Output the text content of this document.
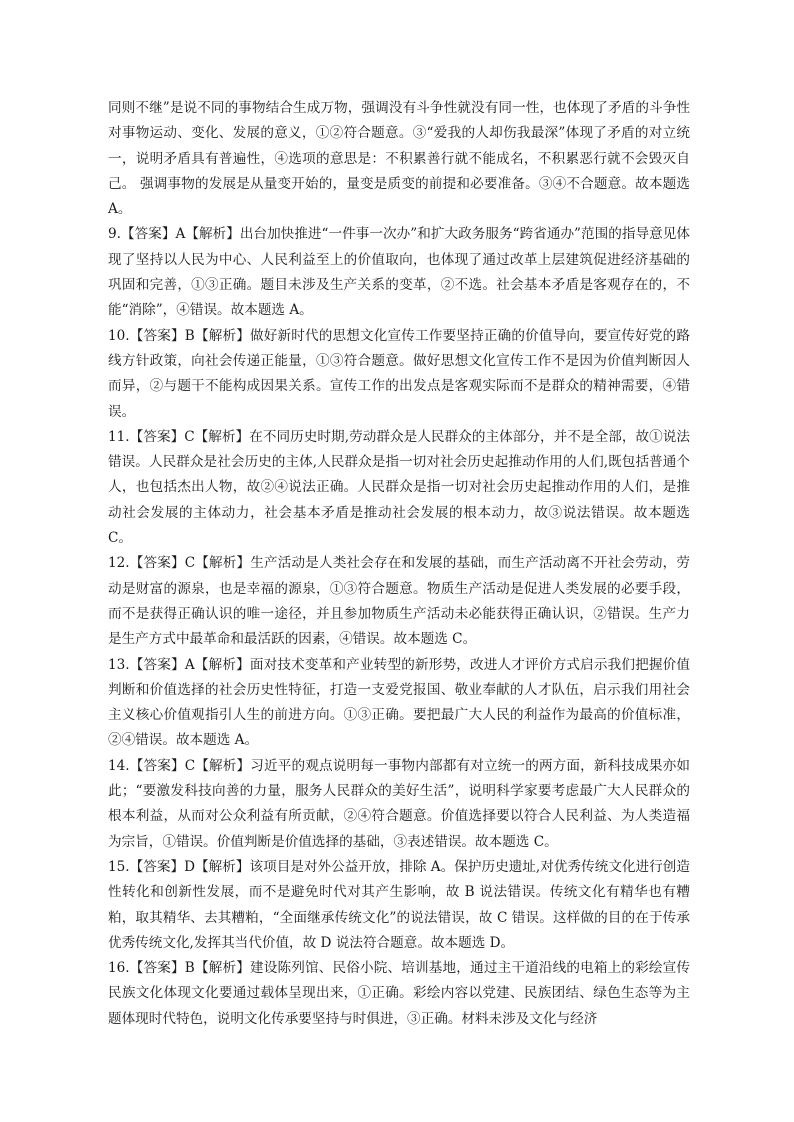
同则不继”是说不同的事物结合生成万物，强调没有斗争性就没有同一性，也体现了矛盾的斗争性对事物运动、变化、发展的意义，①②符合题意。③“爱我的人却伤我最深”体现了矛盾的对立统一，说明矛盾具有普遍性，④选项的意思是：不积累善行就不能成名，不积累恶行就不会毁灭自己。 强调事物的发展是从量变开始的，量变是质变的前提和必要准备。③④不合题意。故本题选 A。

9.【答案】A【解析】出台加快推进“一件事一次办”和扩大政务服务“跨省通办”范围的指导意见体现了坚持以人民为中心、人民利益至上的价值取向，也体现了通过改革上层建筑促进经济基础的巩固和完善，①③正确。题目未涉及生产关系的变革，②不选。社会基本矛盾是客观存在的，不能“消除”，④错误。故本题选 A。

10.【答案】B【解析】做好新时代的思想文化宣传工作要坚持正确的价值导向，要宣传好党的路线方针政策，向社会传递正能量，①③符合题意。做好思想文化宣传工作不是因为价值判断因人而异，②与题干不能构成因果关系。宣传工作的出发点是客观实际而不是群众的精神需要，④错误。

11.【答案】C【解析】在不同历史时期,劳动群众是人民群众的主体部分，并不是全部，故①说法错误。人民群众是社会历史的主体,人民群众是指一切对社会历史起推动作用的人们,既包括普通个人，也包括杰出人物，故②④说法正确。人民群众是指一切对社会历史起推动作用的人们，是推动社会发展的主体动力，社会基本矛盾是推动社会发展的根本动力，故③说法错误。故本题选 C。

12.【答案】C【解析】生产活动是人类社会存在和发展的基础，而生产活动离不开社会劳动，劳动是财富的源泉，也是幸福的源泉，①③符合题意。物质生产活动是促进人类发展的必要手段，而不是获得正确认识的唯一途径，并且参加物质生产活动未必能获得正确认识，②错误。生产力是生产方式中最革命和最活跃的因素，④错误。故本题选 C。

13.【答案】A【解析】面对技术变革和产业转型的新形势，改进人才评价方式启示我们把握价值判断和价值选择的社会历史性特征，打造一支爱党报国、敬业奉献的人才队伍，启示我们用社会主义核心价值观指引人生的前进方向。①③正确。要把最广大人民的利益作为最高的价值标准，②④错误。故本题选 A。

14.【答案】C【解析】习近平的观点说明每一事物内部都有对立统一的两方面，新科技成果亦如此；“要激发科技向善的力量，服务人民群众的美好生活”，说明科学家要考虑最广大人民群众的根本利益，从而对公众利益有所贡献，②④符合题意。价值选择要以符合人民利益、为人类造福为宗旨，①错误。价值判断是价值选择的基础，③表述错误。故本题选 C。

15.【答案】D【解析】该项目是对外公益开放，排除 A。保护历史遗址,对优秀传统文化进行创造性转化和创新性发展，而不是避免时代对其产生影响，故 B 说法错误。传统文化有精华也有糟粕，取其精华、去其糟粕，“全面继承传统文化”的说法错误，故 C 错误。这样做的目的在于传承优秀传统文化,发挥其当代价值，故 D 说法符合题意。故本题选 D。

16.【答案】B【解析】建设陈列馆、民俗小院、培训基地，通过主干道沿线的电箱上的彩绘宣传民族文化体现文化要通过载体呈现出来，①正确。彩绘内容以党建、民族团结、绿色生态等为主题体现时代特色，说明文化传承要坚持与时俱进，③正确。材料未涉及文化与经济
